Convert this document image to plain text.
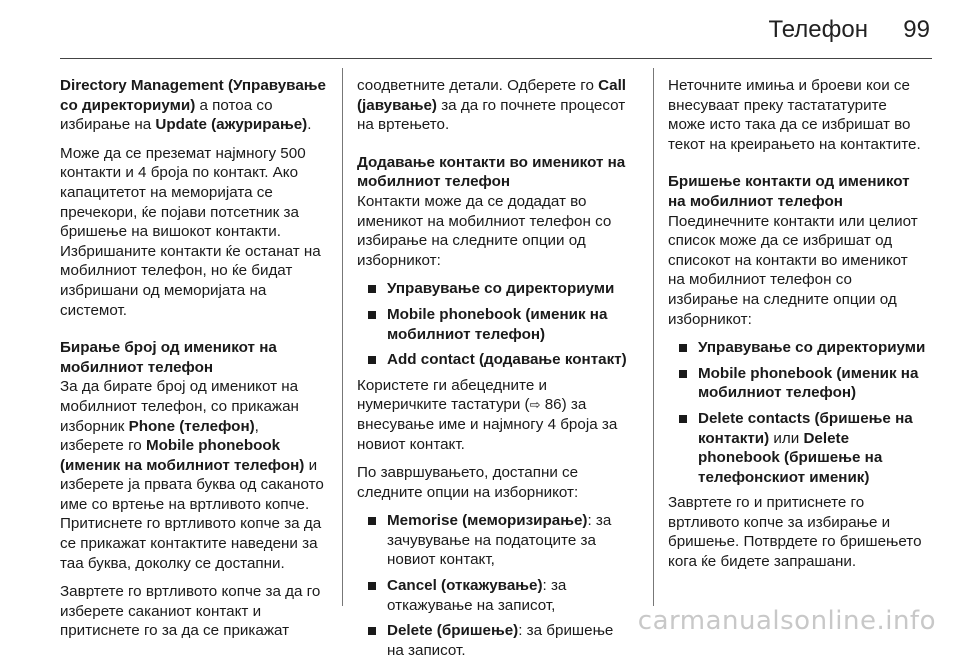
Телефон 99

Directory Management (Управување со директориуми) а потоа со избирање на Update (ажурирање).

Може да се преземат најмногу 500 контакти и 4 броја по контакт. Ако капацитетот на меморијата се пречекори, ќе појави потсетник за бришење на вишокот контакти. Избришаните контакти ќе останат на мобилниот телефон, но ќе бидат избришани од меморијата на системот.

Бирање број од именикот на мобилниот телефон

За да бирате број од именикот на мобилниот телефон, со прикажан изборник Phone (телефон), изберете го Mobile phonebook (именик на мобилниот телефон) и изберете ја првата буква од саканото име со вртење на вртливото копче. Притиснете го вртливото копче за да се прикажат контактите наведени за таа буква, доколку се достапни.

Завртете го вртливото копче за да го изберете саканиот контакт и притиснете го за да се прикажат

соодветните детали. Одберете го Call (јавување) за да го почнете процесот на вртењето.

Додавање контакти во именикот на мобилниот телефон

Контакти може да се додадат во именикот на мобилниот телефон со избирање на следните опции од изборникот:

Управување со директориуми
Mobile phonebook (именик на мобилниот телефон)
Add contact (додавање контакт)

Користете ги абецедните и нумеричките тастатури (⇨ 86) за внесување име и најмногу 4 броја за новиот контакт.

По завршувањето, достапни се следните опции на изборникот:

Memorise (меморизирање): за зачувување на податоците за новиот контакт,
Cancel (откажување): за откажување на записот,
Delete (бришење): за бришење на записот.

Неточните имиња и броеви кои се внесуваат преку тастататурите може исто така да се избришат во текот на креирањето на контактите.

Бришење контакти од именикот на мобилниот телефон

Поединечните контакти или целиот список може да се избришат од списокот на контакти во именикот на мобилниот телефон со избирање на следните опции од изборникот:

Управување со директориуми
Mobile phonebook (именик на мобилниот телефон)
Delete contacts (бришење на контакти) или Delete phonebook (бришење на телефонскиот именик)

Завртете го и притиснете го вртливото копче за избирање и бришење. Потврдете го бришењето кога ќе бидете запрашани.

carmanualsonline.info
